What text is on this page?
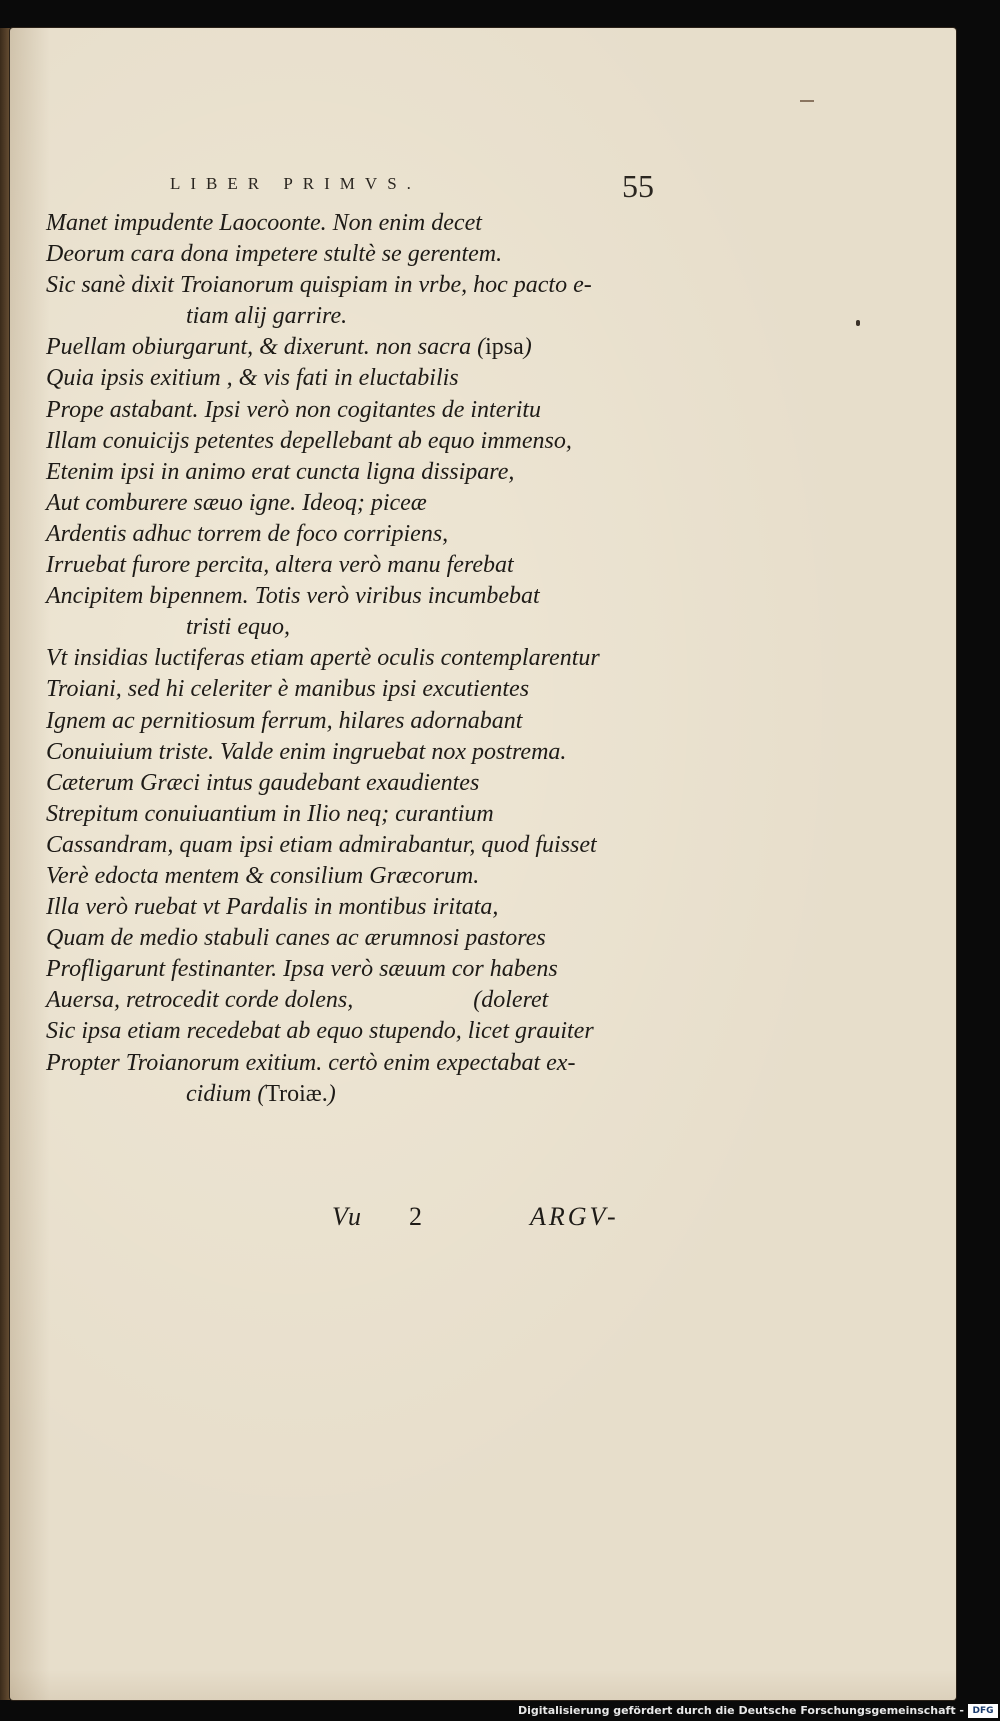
LIBER PRIMVS.	55
Manet impudente Laocoonte. Non enim decet
Deorum cara dona impetere stultè se gerentem.
Sic sanè dixit Troianorum quispiam in vrbe, hoc pacto e-
tiam alij garrire.
Puellam obiurgarunt, & dixerunt. non sacra (ipsa)
Quia ipsis exitium , & vis fati in eluctabilis
Prope astabant. Ipsi verò non cogitantes de interitu
Illam conuicijs petentes depellebant ab equo immenso,
Etenim ipsi in animo erat cuncta ligna dissipare,
Aut comburere sæuo igne. Ideoq; piceæ
Ardentis adhuc torrem de foco corripiens,
Irruebat furore percita, altera verò manu ferebat
Ancipitem bipennem. Totis verò viribus incumbebat
tristi equo,
Vt insidias luctiferas etiam apertè oculis contemplarentur
Troiani, sed hi celeriter è manibus ipsi excutientes
Ignem ac pernitiosum ferrum, hilares adornabant
Conuiuium triste. Valde enim ingruebat nox postrema.
Cæterum Græci intus gaudebant exaudientes
Strepitum conuiuantium in Ilio neq; curantium
Cassandram, quam ipsi etiam admirabantur, quod fuisset
Verè edocta mentem & consilium Græcorum.
Illa verò ruebat vt Pardalis in montibus iritata,
Quam de medio stabuli canes ac ærumnosi pastores
Profligarunt festinanter. Ipsa verò sæuum cor habens
Auersa, retrocedit corde dolens,	(doleret
Sic ipsa etiam recedebat ab equo stupendo, licet grauiter
Propter Troianorum exitium. certò enim expectabat ex-
cidium (Troiæ.)
Vu 2	ARGV-
Digitalisierung gefördert durch die Deutsche Forschungsgemeinschaft - DFG
